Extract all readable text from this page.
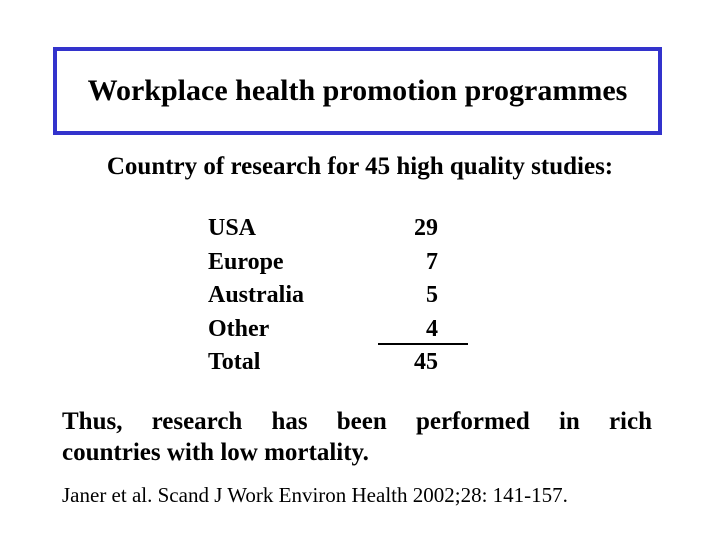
Workplace health promotion programmes
Country of research for 45 high quality studies:
USA	29
Europe	7
Australia	5
Other	4
Total	45
Thus, research has been performed in rich
countries with low mortality.
Janer et al. Scand J Work Environ Health 2002;28: 141-157.
